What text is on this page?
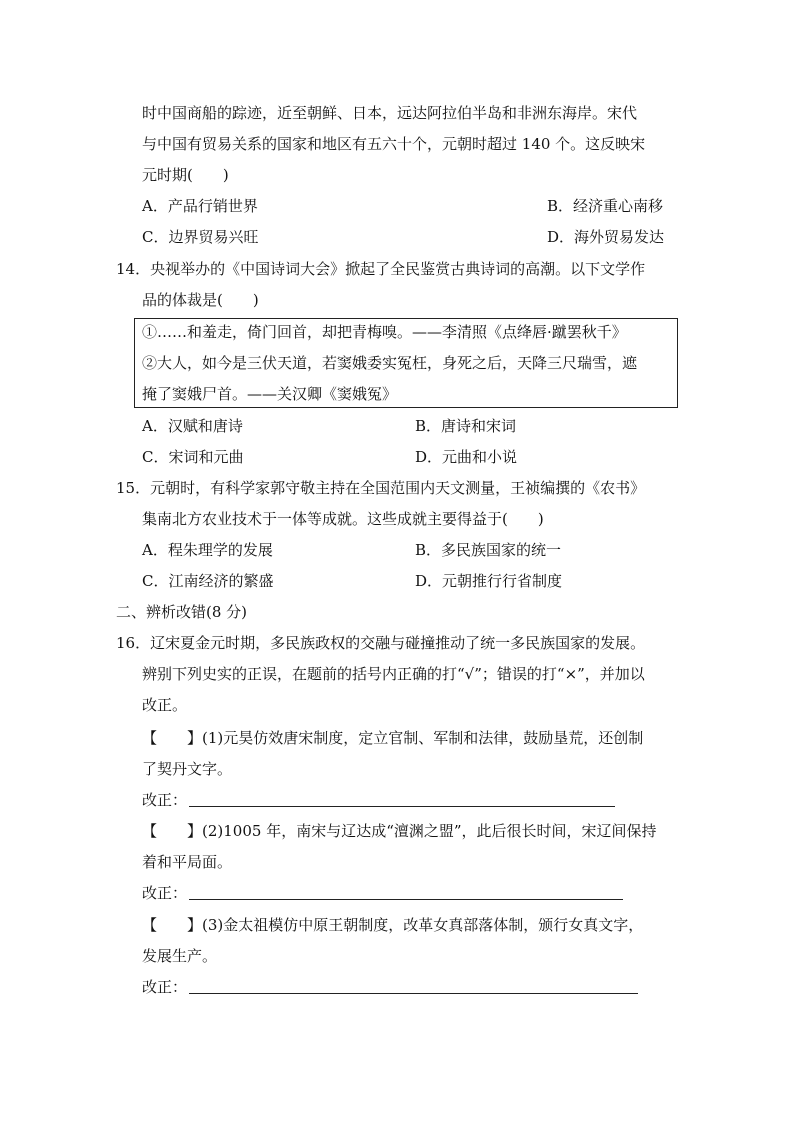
时中国商船的踪迹，近至朝鲜、日本，远达阿拉伯半岛和非洲东海岸。宋代
与中国有贸易关系的国家和地区有五六十个，元朝时超过 140 个。这反映宋
元时期(　　)
A．产品行销世界	B．经济重心南移
C．边界贸易兴旺	D．海外贸易发达
14．央视举办的《中国诗词大会》掀起了全民鉴赏古典诗词的高潮。以下文学作
品的体裁是(　　)
①……和羞走，倚门回首，却把青梅嗅。——李清照《点绛唇·蹴罢秋千》
②大人，如今是三伏天道，若窦娥委实冤枉，身死之后，天降三尺瑞雪，遮
掩了窦娥尸首。——关汉卿《窦娥冤》
A．汉赋和唐诗	B．唐诗和宋词
C．宋词和元曲	D．元曲和小说
15．元朝时，有科学家郭守敬主持在全国范围内天文测量，王祯编撰的《农书》
集南北方农业技术于一体等成就。这些成就主要得益于(　　)
A．程朱理学的发展	B．多民族国家的统一
C．江南经济的繁盛	D．元朝推行行省制度
二、辨析改错(8 分)
16．辽宋夏金元时期，多民族政权的交融与碰撞推动了统一多民族国家的发展。
辨别下列史实的正误，在题前的括号内正确的打“√”；错误的打“×”，并加以
改正。
【　　】(1)元昊仿效唐宋制度，定立官制、军制和法律，鼓励垦荒，还创制
了契丹文字。
改正：
【　　】(2)1005 年，南宋与辽达成“澶渊之盟”，此后很长时间，宋辽间保持
着和平局面。
改正：
【　　】(3)金太祖模仿中原王朝制度，改革女真部落体制，颁行女真文字，
发展生产。
改正：
